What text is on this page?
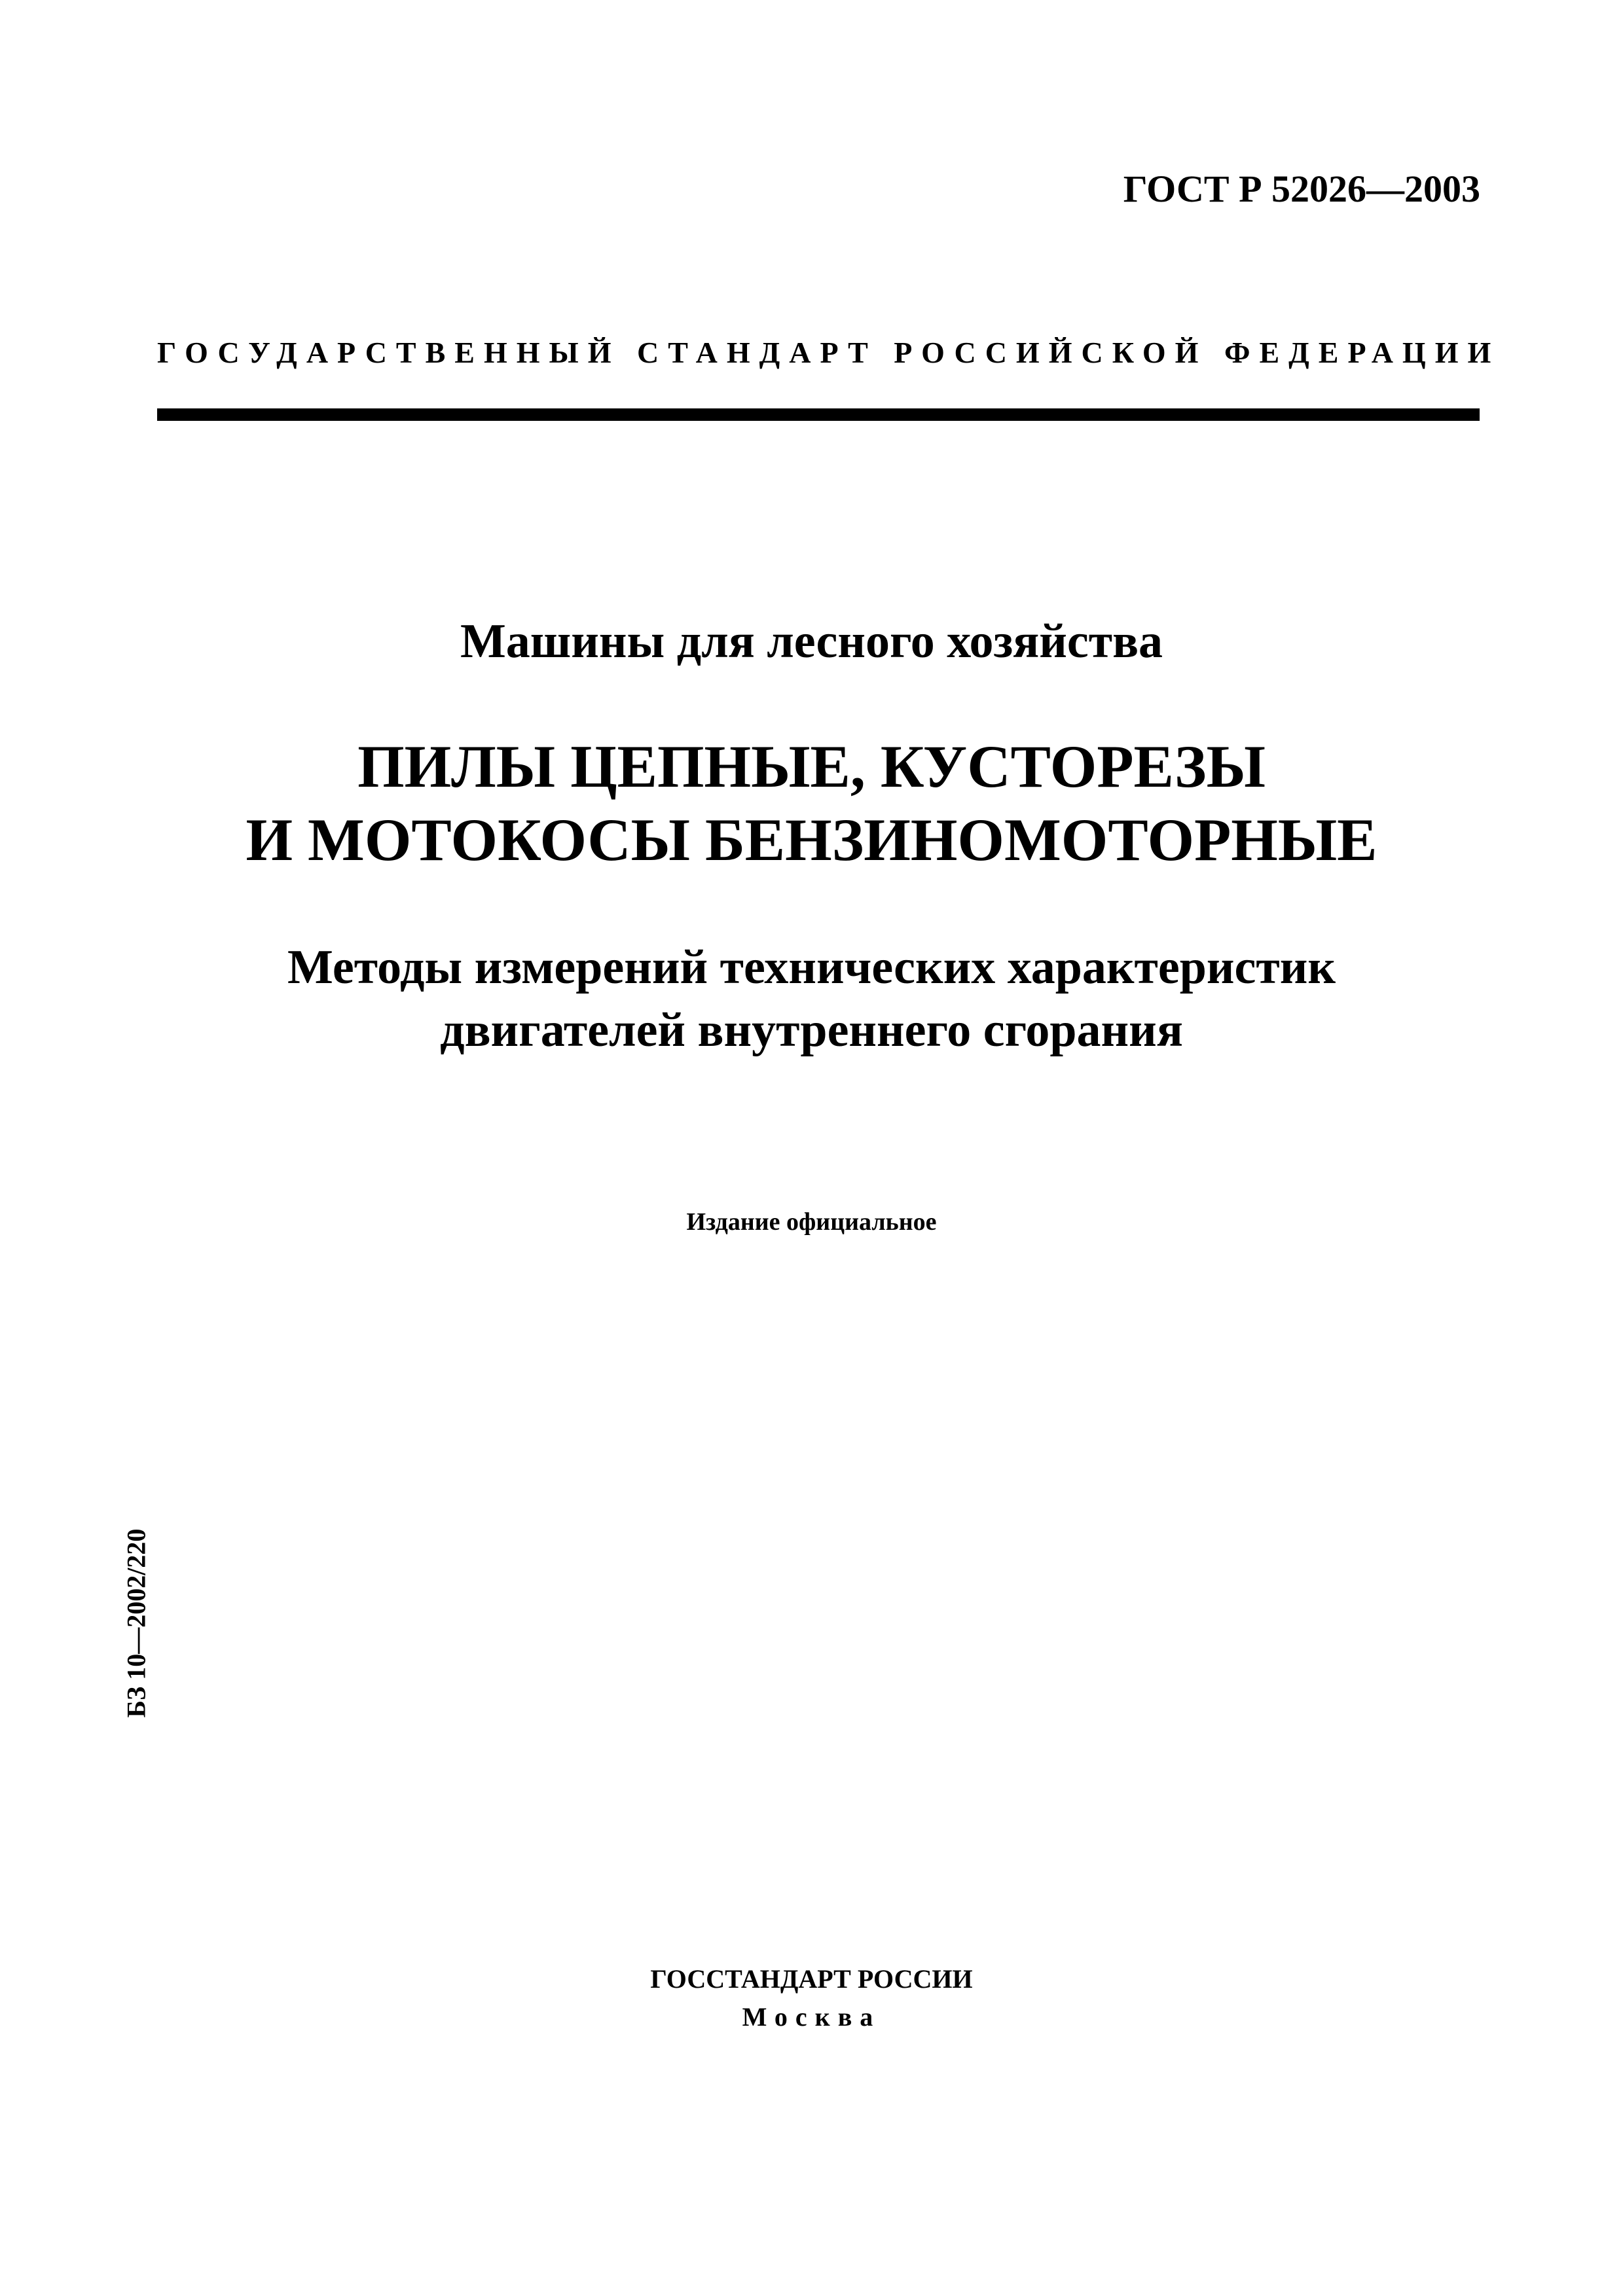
ГОСТ Р 52026—2003
ГОСУДАРСТВЕННЫЙ СТАНДАРТ РОССИЙСКОЙ ФЕДЕРАЦИИ
Машины для лесного хозяйства
ПИЛЫ ЦЕПНЫЕ, КУСТОРЕЗЫ
И МОТОКОСЫ БЕНЗИНОМОТОРНЫЕ
Методы измерений технических характеристик
двигателей внутреннего сгорания
Издание официальное
БЗ 10—2002/220
ГОССТАНДАРТ РОССИИ
Москва
